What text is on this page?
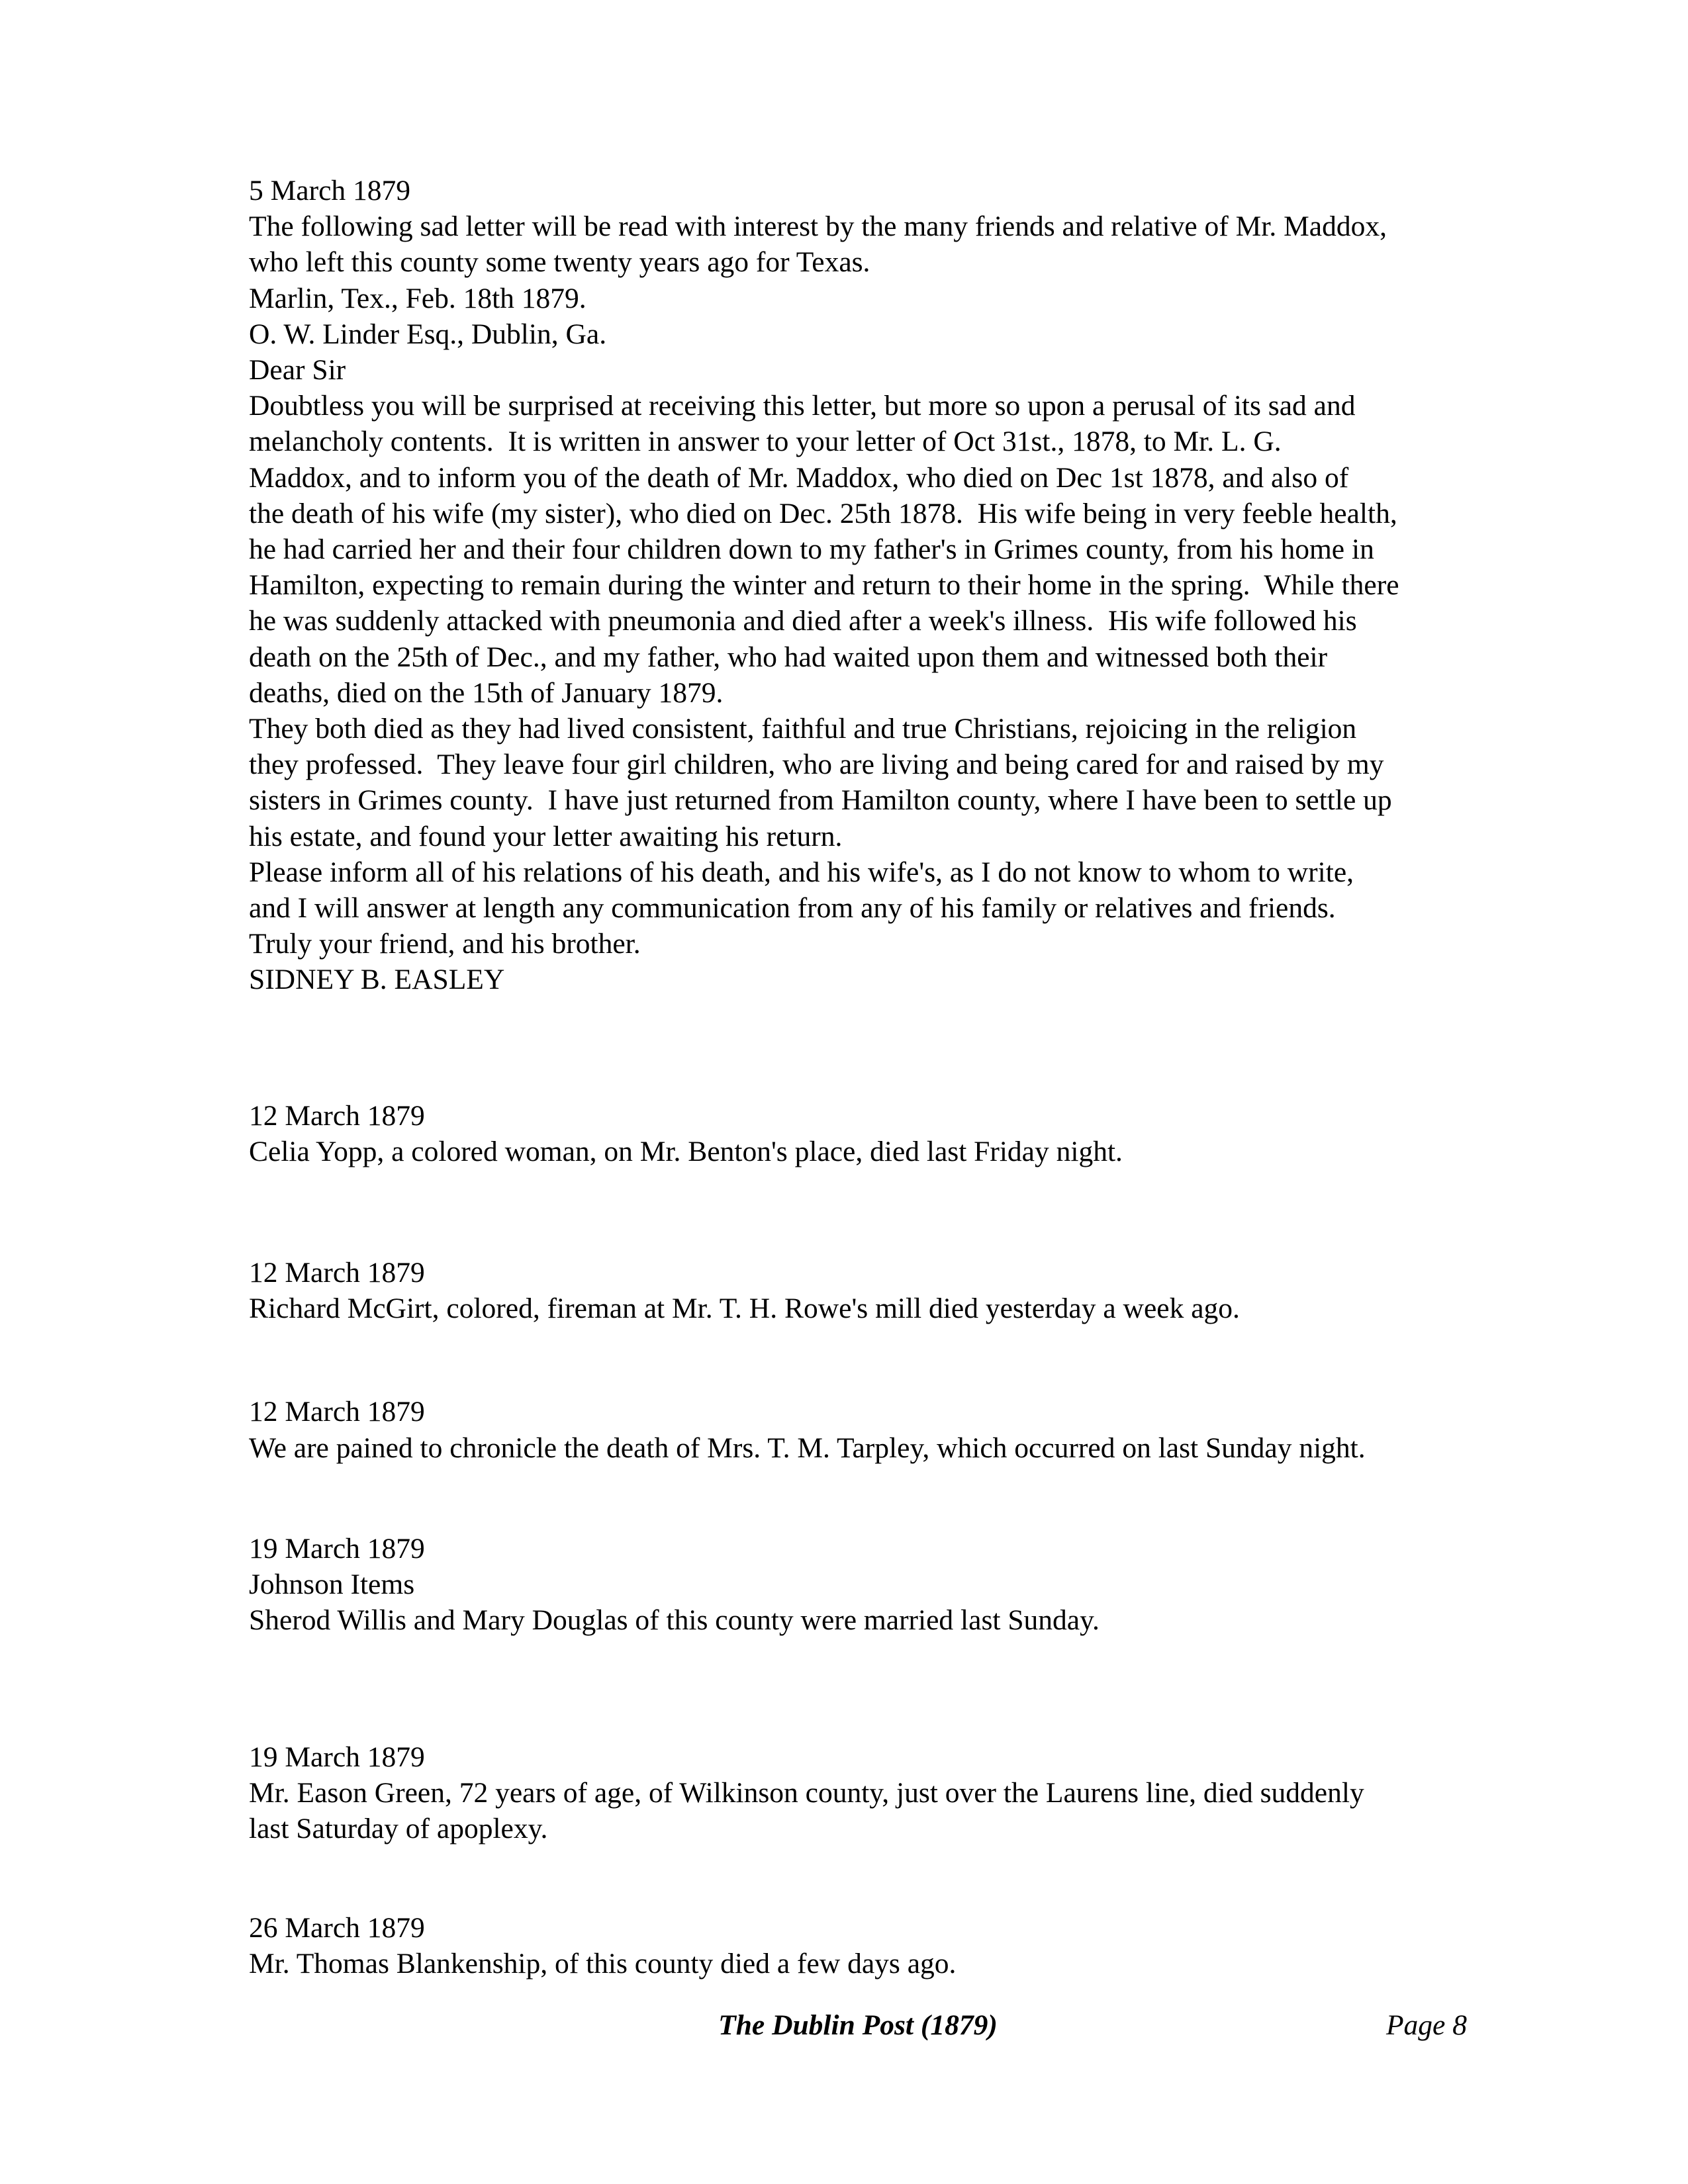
5 March 1879
The following sad letter will be read with interest by the many friends and relative of Mr. Maddox,
who left this county some twenty years ago for Texas.
Marlin, Tex., Feb. 18th 1879.
O. W. Linder Esq., Dublin, Ga.
Dear Sir
Doubtless you will be surprised at receiving this letter, but more so upon a perusal of its sad and
melancholy contents.  It is written in answer to your letter of Oct 31st., 1878, to Mr. L. G.
Maddox, and to inform you of the death of Mr. Maddox, who died on Dec 1st 1878, and also of
the death of his wife (my sister), who died on Dec. 25th 1878.  His wife being in very feeble health,
he had carried her and their four children down to my father's in Grimes county, from his home in
Hamilton, expecting to remain during the winter and return to their home in the spring.  While there
he was suddenly attacked with pneumonia and died after a week's illness.  His wife followed his
death on the 25th of Dec., and my father, who had waited upon them and witnessed both their
deaths, died on the 15th of January 1879.
They both died as they had lived consistent, faithful and true Christians, rejoicing in the religion
they professed.  They leave four girl children, who are living and being cared for and raised by my
sisters in Grimes county.  I have just returned from Hamilton county, where I have been to settle up
his estate, and found your letter awaiting his return.
Please inform all of his relations of his death, and his wife's, as I do not know to whom to write,
and I will answer at length any communication from any of his family or relatives and friends.
Truly your friend, and his brother.
SIDNEY B. EASLEY
12 March 1879
Celia Yopp, a colored woman, on Mr. Benton's place, died last Friday night.
12 March 1879
Richard McGirt, colored, fireman at Mr. T. H. Rowe's mill died yesterday a week ago.
12 March 1879
We are pained to chronicle the death of Mrs. T. M. Tarpley, which occurred on last Sunday night.
19 March 1879
Johnson Items
Sherod Willis and Mary Douglas of this county were married last Sunday.
19 March 1879
Mr. Eason Green, 72 years of age, of Wilkinson county, just over the Laurens line, died suddenly
last Saturday of apoplexy.
26 March 1879
Mr. Thomas Blankenship, of this county died a few days ago.
The Dublin Post (1879)	Page 8
